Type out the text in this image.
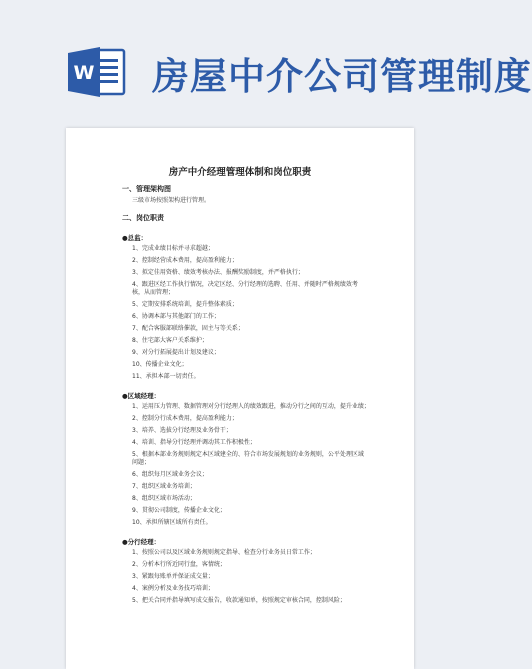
W 房屋中介公司管理制度
房产中介经理管理体制和岗位职责
一、管理架构图
三级市场按照架构进行管理。
二、岗位职责
●总监：
1、完成业绩目标并寻求超越；
2、控制经营成本费用，提高盈利能力；
3、拟定佳用资格、绩效考核办法、报酬奖励制度，并严格执行；
4、跟进区经工作执行情况，决定区经、分行经理的选聘、任用、并随时严格规绩效考核，从而管理；
5、定期安排系统培训，提升整体素质；
6、协调本部与其他部门的工作；
7、配合客服部联络催款，固主与等关系；
8、住宅部大客户关系维护；
9、对分行拓展提出计划及建议；
10、传播企业文化；
11、承担本部一切责任。
●区域经理：
1、运用压力管理、数据管理对分行经理人的绩效跟进，推动分行之间的互动，提升业绩；
2、控制分行成本费用，提高盈利能力；
3、培养、选拔分行经理及业务骨干；
4、培训、指导分行经理并调动其工作积极性；
5、根据本部业务规则规定本区域建全的、符合市场发展规划的业务规则，公平处理区域问题；
6、组织每月区域业务会议；
7、组织区域业务培训；
8、组织区域市场活动；
9、贯彻公司制度，传播企业文化；
10、承担所辖区域所有责任。
●分行经理：
1、按照公司以及区域业务规则规定指导、检查分行业务员日常工作；
2、分析本行所近同行盘，客情统；
3、紧跟每账单并保证成交量；
4、案例分析及业务技巧培训；
5、把关合同并指导填写成交报告，收款通知单，按照规定审核合同，控制风险；
